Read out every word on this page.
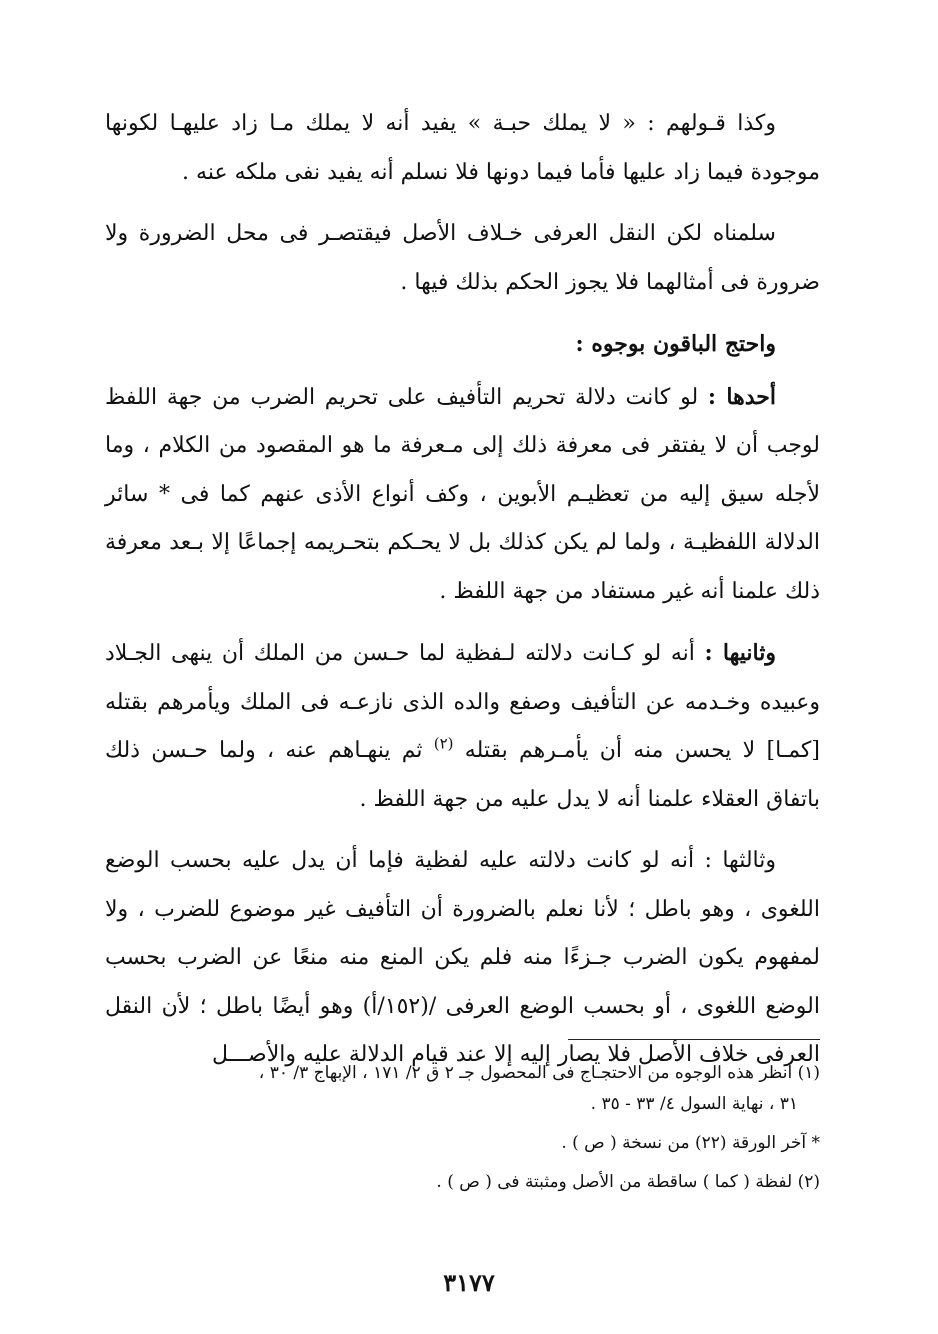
وكذا قـولهم : « لا يملك حبـة » يفيد أنه لا يملك مـا زاد عليهـا لكونها موجودة فيما زاد عليها فأما فيما دونها فلا نسلم أنه يفيد نفى ملكه عنه .

سلمناه لكن النقل العرفى خـلاف الأصل فيقتصـر فى محل الضرورة ولا ضرورة فى أمثالهما فلا يجوز الحكم بذلك فيها .

واحتج الباقون بوجوه :

أحدها : لو كانت دلالة تحريم التأفيف على تحريم الضرب من جهة اللفظ لوجب أن لا يفتقر فى معرفة ذلك إلى مـعرفة ما هو المقصود من الكلام ، وما لأجله سيق إليه من تعظيـم الأبوين ، وكف أنواع الأذى عنهم كما فى * سائر الدلالة اللفظيـة ، ولما لم يكن كذلك بل لا يحـكم بتحـريمه إجماعًا إلا بـعد معرفة ذلك علمنا أنه غير مستفاد من جهة اللفظ .

وثانيها : أنه لو كـانت دلالته لـفظية لما حـسن من الملك أن ينهى الجـلاد وعبيده وخـدمه عن التأفيف وصفع والده الذى نازعـه فى الملك ويأمرهم بقتله [كمـا] لا يحسن منه أن يأمـرهم بقتله $^{(٢)}$ ثم ينهـاهم عنه ، ولما حـسن ذلك باتفاق العقلاء علمنا أنه لا يدل عليه من جهة اللفظ .

وثالثها : أنه لو كانت دلالته عليه لفظية فإما أن يدل عليه بحسب الوضع اللغوى ، وهو باطل ؛ لأنا نعلم بالضرورة أن التأفيف غير موضوع للضرب ، ولا لمفهوم يكون الضرب جـزءًا منه فلم يكن المنع منه منعًا عن الضرب بحسب الوضع اللغوى ، أو بحسب الوضع العرفى /(١٥٢/أ) وهو أيضًا باطل ؛ لأن النقل العرفى خلاف الأصل فلا يصار إليه إلا عند قيام الدلالة عليه والأصـــل

(١) انظر هذه الوجوه من الاحتجـاج فى المحصول جـ ٢ ق ٢/ ١٧١ ، الإبهاج ٣/ ٣٠ ،
٣١ ، نهاية السول ٤/ ٣٣ - ٣٥ .
* آخر الورقة (٢٢) من نسخة ( ص ) .
(٢) لفظة ( كما ) ساقطة من الأصل ومثبتة فى ( ص ) .
٣١٧٧
